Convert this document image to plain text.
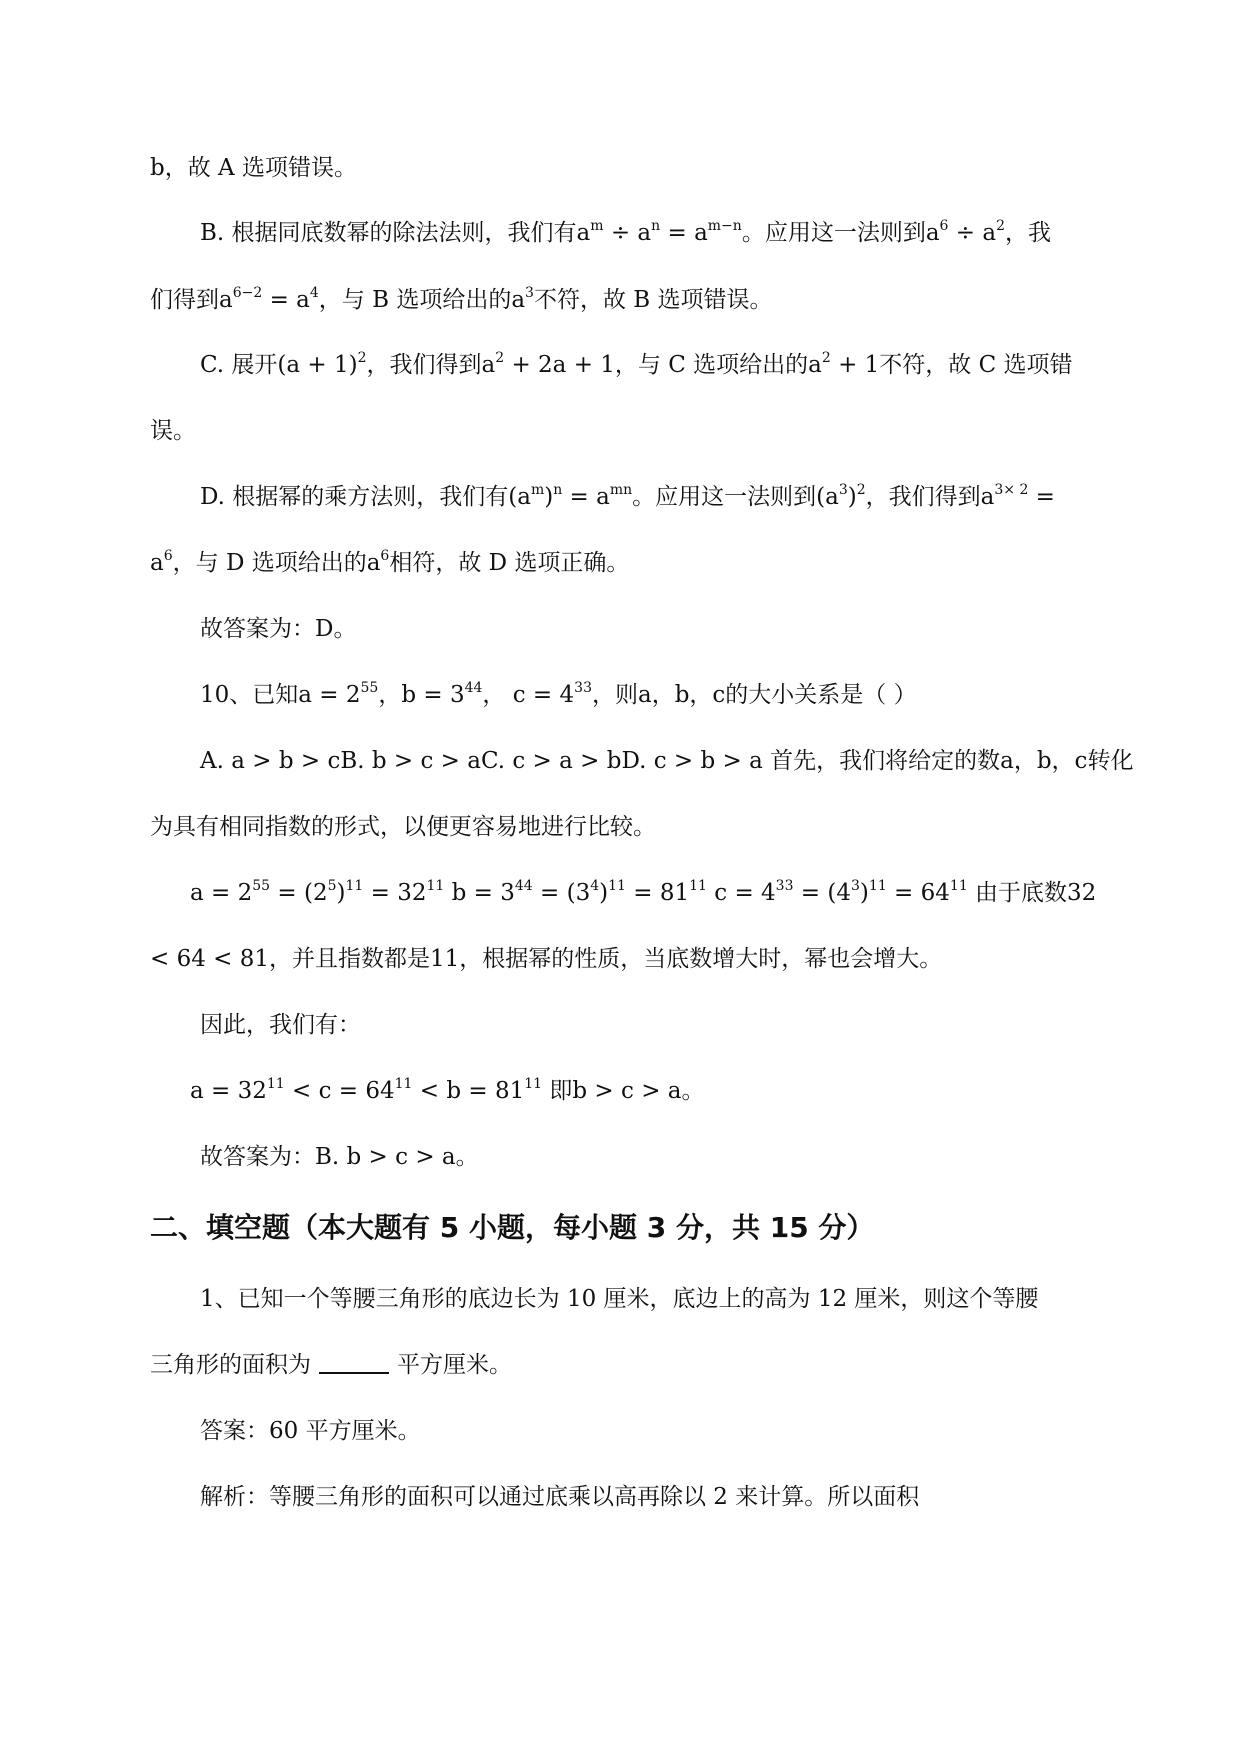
b，故 A 选项错误。
B. 根据同底数幂的除法法则，我们有$a^m \div a^n = a^{m-n}$。应用这一法则到$a^6 \div a^2$，我
们得到$a^{6-2} = a^4$，与 B 选项给出的$a^3$不符，故 B 选项错误。
C. 展开$(a + 1)^2$，我们得到$a^2 + 2a + 1$，与 C 选项给出的$a^2 + 1$不符，故 C 选项错
误。
D. 根据幂的乘方法则，我们有$(a^m)^n = a^{mn}$。应用这一法则到$(a^3)^2$，我们得到$a^{3\times 2}$ =
$a^6$，与 D 选项给出的$a^6$相符，故 D 选项正确。
故答案为：D。
10、已知$a = 2^{55}$，$b = 3^{44}$， $c = 4^{33}$，则a，b，c的大小关系是（ ）
A. a > b > cB. b > c > aC. c > a > bD. c > b > a 首先，我们将给定的数a，b，c转化
为具有相同指数的形式，以便更容易地进行比较。
$a = 2^{55} = (2^5)^{11} = 32^{11}$ $b = 3^{44} = (3^4)^{11} = 81^{11}$ $c = 4^{33} = (4^3)^{11} = 64^{11}$ 由于底数32
< 64 < 81，并且指数都是11，根据幂的性质，当底数增大时，幂也会增大。
因此，我们有：
$a = 32^{11} < c = 64^{11} < b = 81^{11}$ 即b > c > a。
故答案为：B. b > c > a。
二、填空题（本大题有 5 小题，每小题 3 分，共 15 分）
1、已知一个等腰三角形的底边长为 10 厘米，底边上的高为 12 厘米，则这个等腰
三角形的面积为	平方厘米。
答案：60 平方厘米。
解析：等腰三角形的面积可以通过底乘以高再除以 2 来计算。所以面积
